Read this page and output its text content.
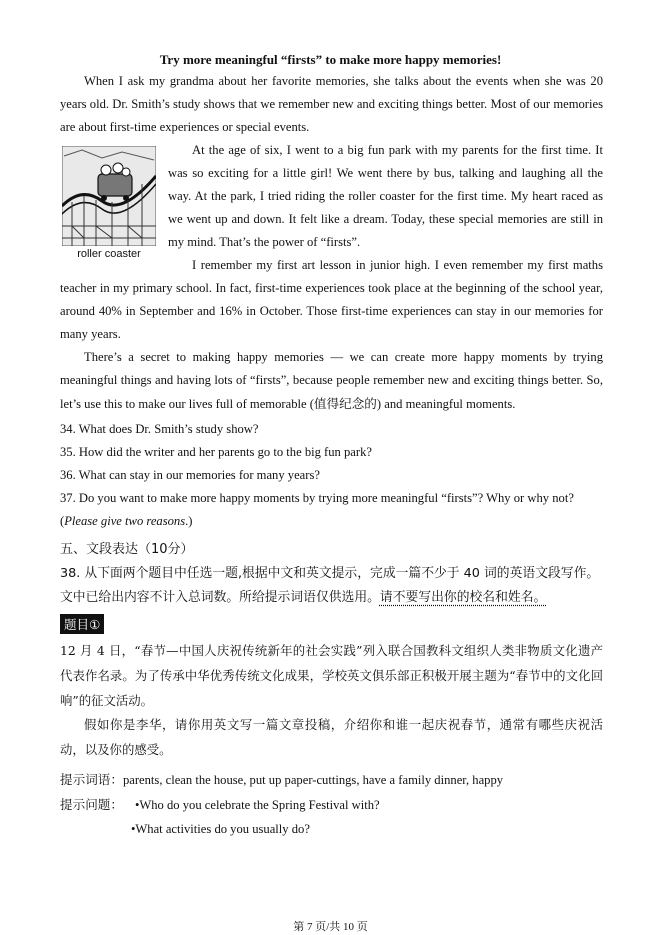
Try more meaningful “firsts” to make more happy memories!
When I ask my grandma about her favorite memories, she talks about the events when she was 20 years old. Dr. Smith’s study shows that we remember new and exciting things better. Most of our memories are about first-time experiences or special events.
roller coaster
At the age of six, I went to a big fun park with my parents for the first time. It was so exciting for a little girl! We went there by bus, talking and laughing all the way. At the park, I tried riding the roller coaster for the first time. My heart raced as we went up and down. It felt like a dream. Today, these special memories are still in my mind. That’s the power of “firsts”.
I remember my first art lesson in junior high. I even remember my first maths teacher in my primary school. In fact, first-time experiences took place at the beginning of the school year, around 40% in September and 16% in October. Those first-time experiences can stay in our memories for many years.
There’s a secret to making happy memories — we can create more happy moments by trying meaningful things and having lots of “firsts”, because people remember new and exciting things better. So, let’s use this to make our lives full of memorable (值得纪念的) and meaningful moments.
34. What does Dr. Smith’s study show?
35. How did the writer and her parents go to the big fun park?
36. What can stay in our memories for many years?
37. Do you want to make more happy moments by trying more meaningful “firsts”? Why or why not?
(Please give two reasons.)
五、文段表达（10分）
38. 从下面两个题目中任选一题,根据中文和英文提示，完成一篇不少于 40 词的英语文段写作。
文中已给出内容不计入总词数。所给提示词语仅供选用。请不要写出你的校名和姓名。
题目①
12 月 4 日，“春节—中国人庆祝传统新年的社会实践”列入联合国教科文组织人类非物质文化遗产代表作名录。为了传承中华优秀传统文化成果，学校英文俱乐部正积极开展主题为“春节中的文化回响”的征文活动。
假如你是李华，请你用英文写一篇文章投稿，介绍你和谁一起庆祝春节，通常有哪些庆祝活动，以及你的感受。
提示词语：parents, clean the house, put up paper-cuttings, have a family dinner, happy
提示问题： •Who do you celebrate the Spring Festival with?
•What activities do you usually do?
第 7 页/共 10 页
